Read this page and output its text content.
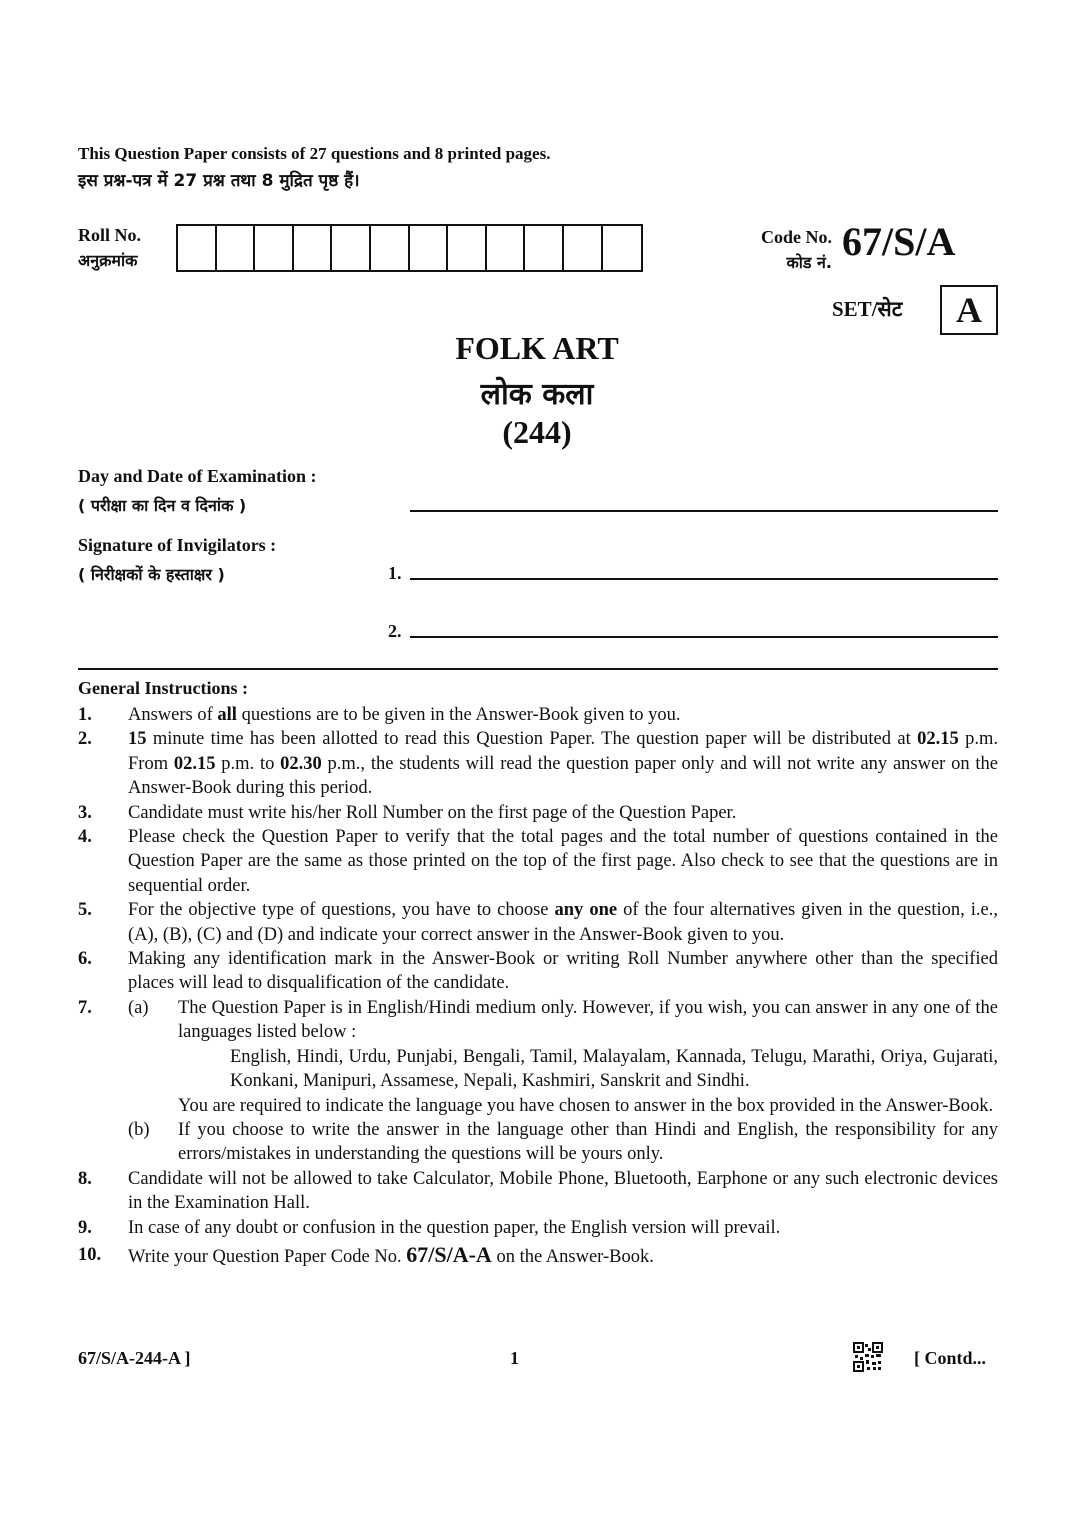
This Question Paper consists of 27 questions and 8 printed pages.
इस प्रश्न-पत्र में 27 प्रश्न तथा 8 मुद्रित पृष्ठ हैं।
Roll No.
अनुक्रमांक
Code No.
कोड नं. 67/S/A
SET/सेट	A
FOLK ART
लोक कला
(244)
Day and Date of Examination :
( परीक्षा का दिन व दिनांक )
Signature of Invigilators :
( निरीक्षकों के हस्ताक्षर )	1.
2.
General Instructions :
1.	Answers of all questions are to be given in the Answer-Book given to you.
2.	15 minute time has been allotted to read this Question Paper. The question paper will be distributed at 02.15 p.m. From 02.15 p.m. to 02.30 p.m., the students will read the question paper only and will not write any answer on the Answer-Book during this period.
3.	Candidate must write his/her Roll Number on the first page of the Question Paper.
4.	Please check the Question Paper to verify that the total pages and the total number of questions contained in the Question Paper are the same as those printed on the top of the first page. Also check to see that the questions are in sequential order.
5.	For the objective type of questions, you have to choose any one of the four alternatives given in the question, i.e., (A), (B), (C) and (D) and indicate your correct answer in the Answer-Book given to you.
6.	Making any identification mark in the Answer-Book or writing Roll Number anywhere other than the specified places will lead to disqualification of the candidate.
7.	(a)	The Question Paper is in English/Hindi medium only. However, if you wish, you can answer in any one of the languages listed below :
English, Hindi, Urdu, Punjabi, Bengali, Tamil, Malayalam, Kannada, Telugu, Marathi, Oriya, Gujarati, Konkani, Manipuri, Assamese, Nepali, Kashmiri, Sanskrit and Sindhi.
You are required to indicate the language you have chosen to answer in the box provided in the Answer-Book.
(b)	If you choose to write the answer in the language other than Hindi and English, the responsibility for any errors/mistakes in understanding the questions will be yours only.
8.	Candidate will not be allowed to take Calculator, Mobile Phone, Bluetooth, Earphone or any such electronic devices in the Examination Hall.
9.	In case of any doubt or confusion in the question paper, the English version will prevail.
10.	Write your Question Paper Code No. 67/S/A-A on the Answer-Book.
67/S/A-244-A ]	1	[ Contd...
